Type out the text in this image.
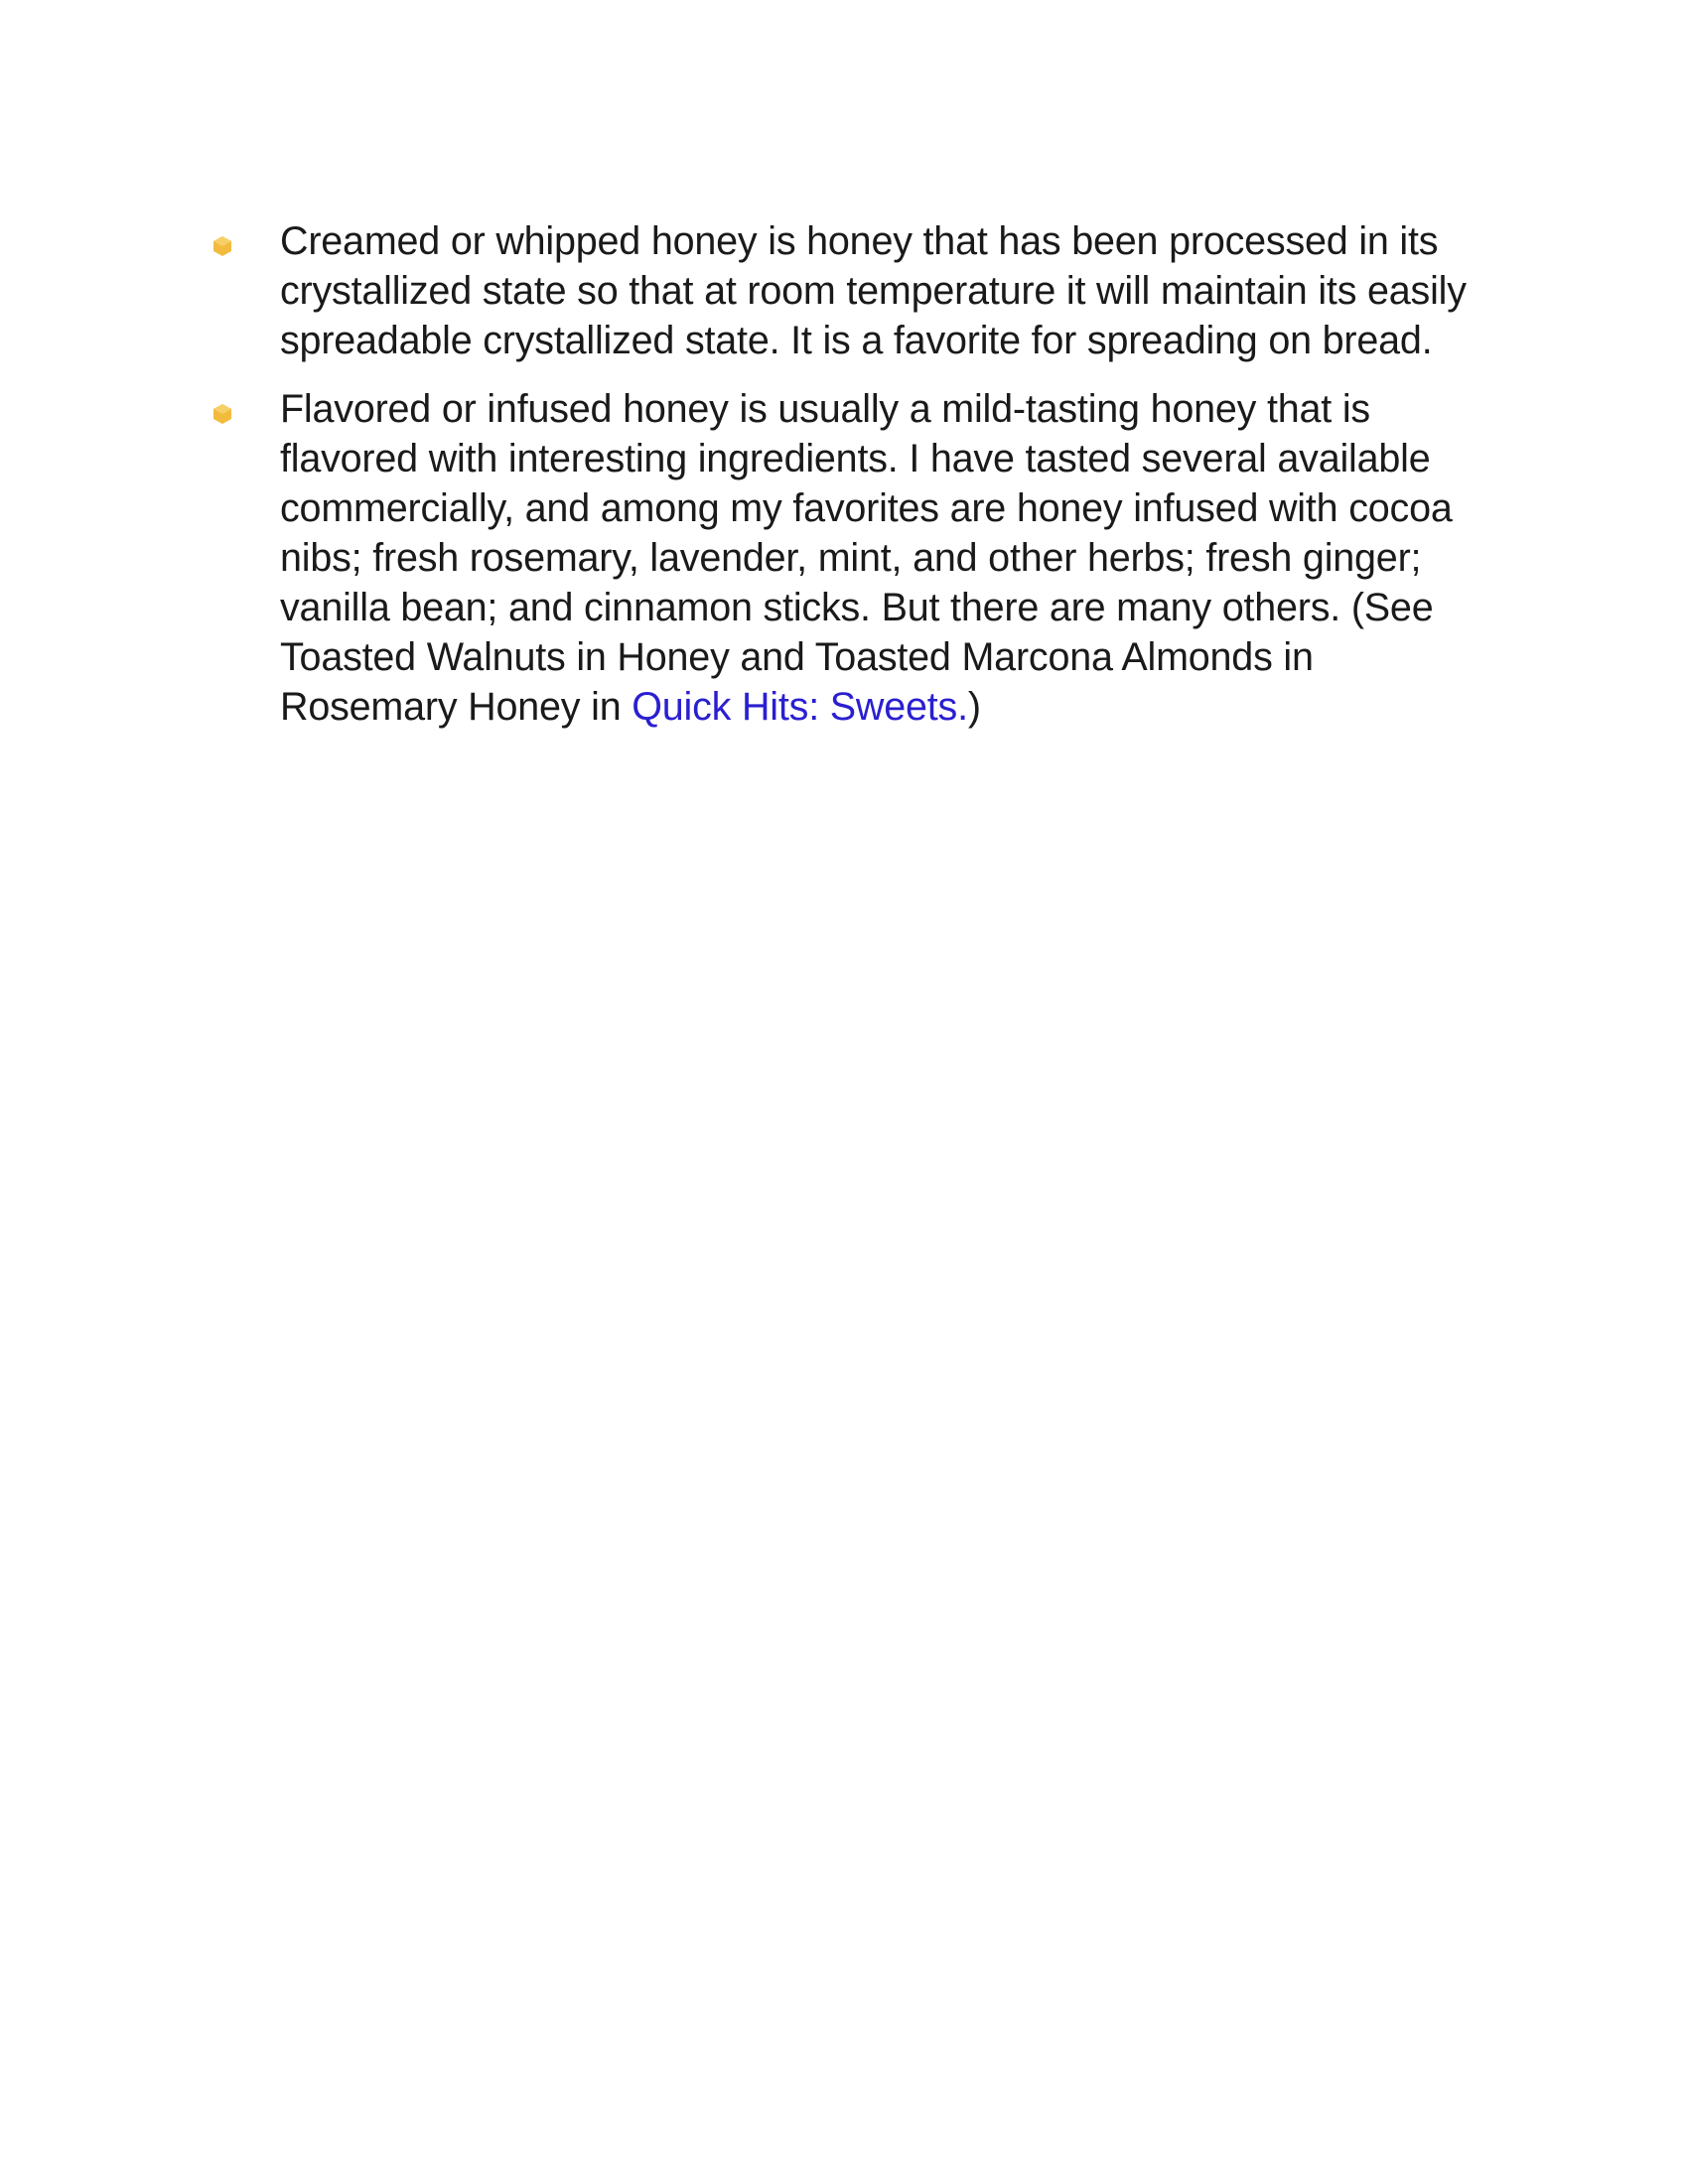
Creamed or whipped honey is honey that has been processed in its crystallized state so that at room temperature it will maintain its easily spreadable crystallized state. It is a favorite for spreading on bread.
Flavored or infused honey is usually a mild-tasting honey that is flavored with interesting ingredients. I have tasted several available commercially, and among my favorites are honey infused with cocoa nibs; fresh rosemary, lavender, mint, and other herbs; fresh ginger; vanilla bean; and cinnamon sticks. But there are many others. (See Toasted Walnuts in Honey and Toasted Marcona Almonds in Rosemary Honey in Quick Hits: Sweets.)
